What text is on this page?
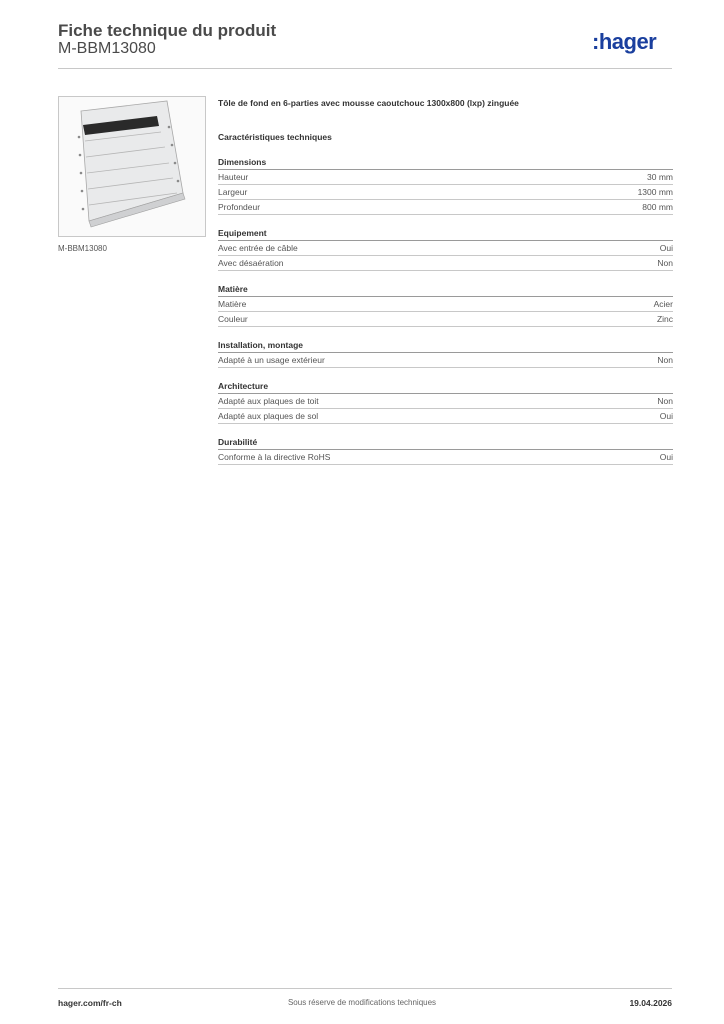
Fiche technique du produit
M-BBM13080	:hager
M-BBM13080
Tôle de fond en 6-parties avec mousse caoutchouc 1300x800 (lxp) zinguée
Caractéristiques techniques
Dimensions
Hauteur	30 mm
Largeur	1300 mm
Profondeur	800 mm
Equipement
Avec entrée de câble	Oui
Avec désaération	Non
Matière
Matière	Acier
Couleur	Zinc
Installation, montage
Adapté à un usage extérieur	Non
Architecture
Adapté aux plaques de toit	Non
Adapté aux plaques de sol	Oui
Durabilité
Conforme à la directive RoHS	Oui
hager.com/fr-ch	Sous réserve de modifications techniques	19.04.2026
